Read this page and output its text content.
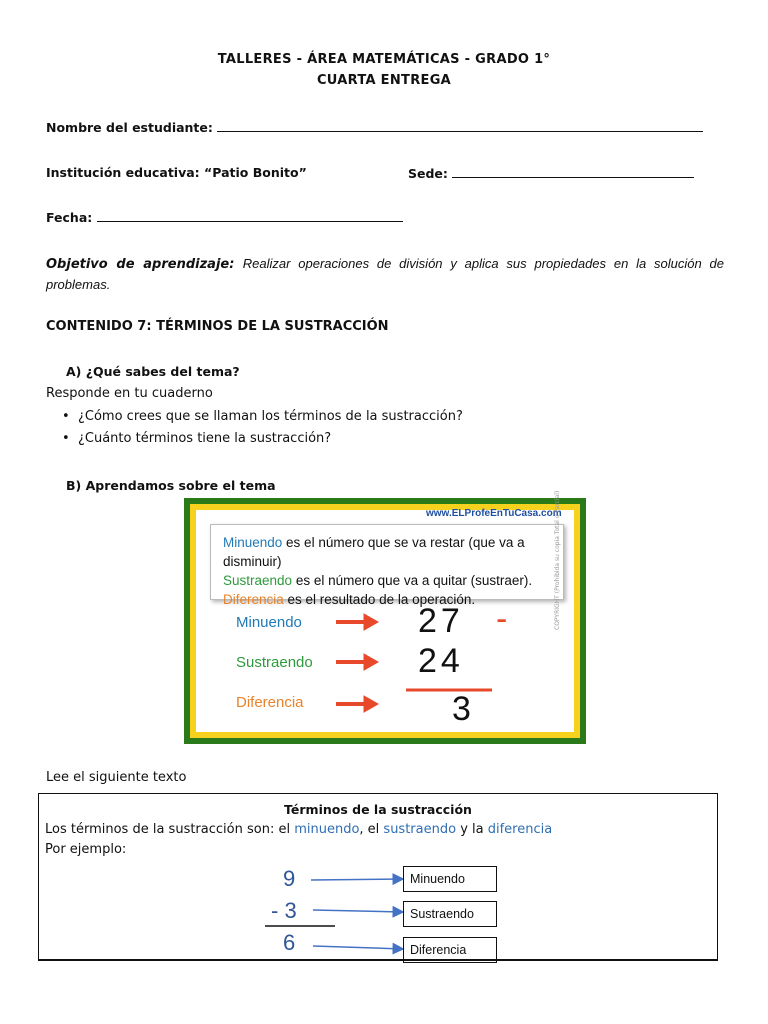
TALLERES - ÁREA MATEMÁTICAS - GRADO 1°
CUARTA ENTREGA
Nombre del estudiante:
Institución educativa: “Patio Bonito”	Sede:
Fecha:
Objetivo de aprendizaje: Realizar operaciones de división y aplica sus propiedades en la solución de problemas.
CONTENIDO 7: TÉRMINOS DE LA SUSTRACCIÓN
A) ¿Qué sabes del tema?
Responde en tu cuaderno
• ¿Cómo crees que se llaman los términos de la sustracción?
• ¿Cuánto términos tiene la sustracción?
B) Aprendamos sobre el tema
www.ELProfeEnTuCasa.com
Minuendo es el número que se va restar (que va a disminuir)
Sustraendo es el número que va a quitar (sustraer).
Diferencia es el resultado de la operación.
Minuendo
Sustraendo
Diferencia
27 -
24
3
COPYRIGHT (Prohibida su copia Total o Parcial)
Lee el siguiente texto
Términos de la sustracción
Los términos de la sustracción son: el minuendo, el sustraendo y la diferencia
Por ejemplo:
9
- 3
6
Minuendo
Sustraendo
Diferencia
